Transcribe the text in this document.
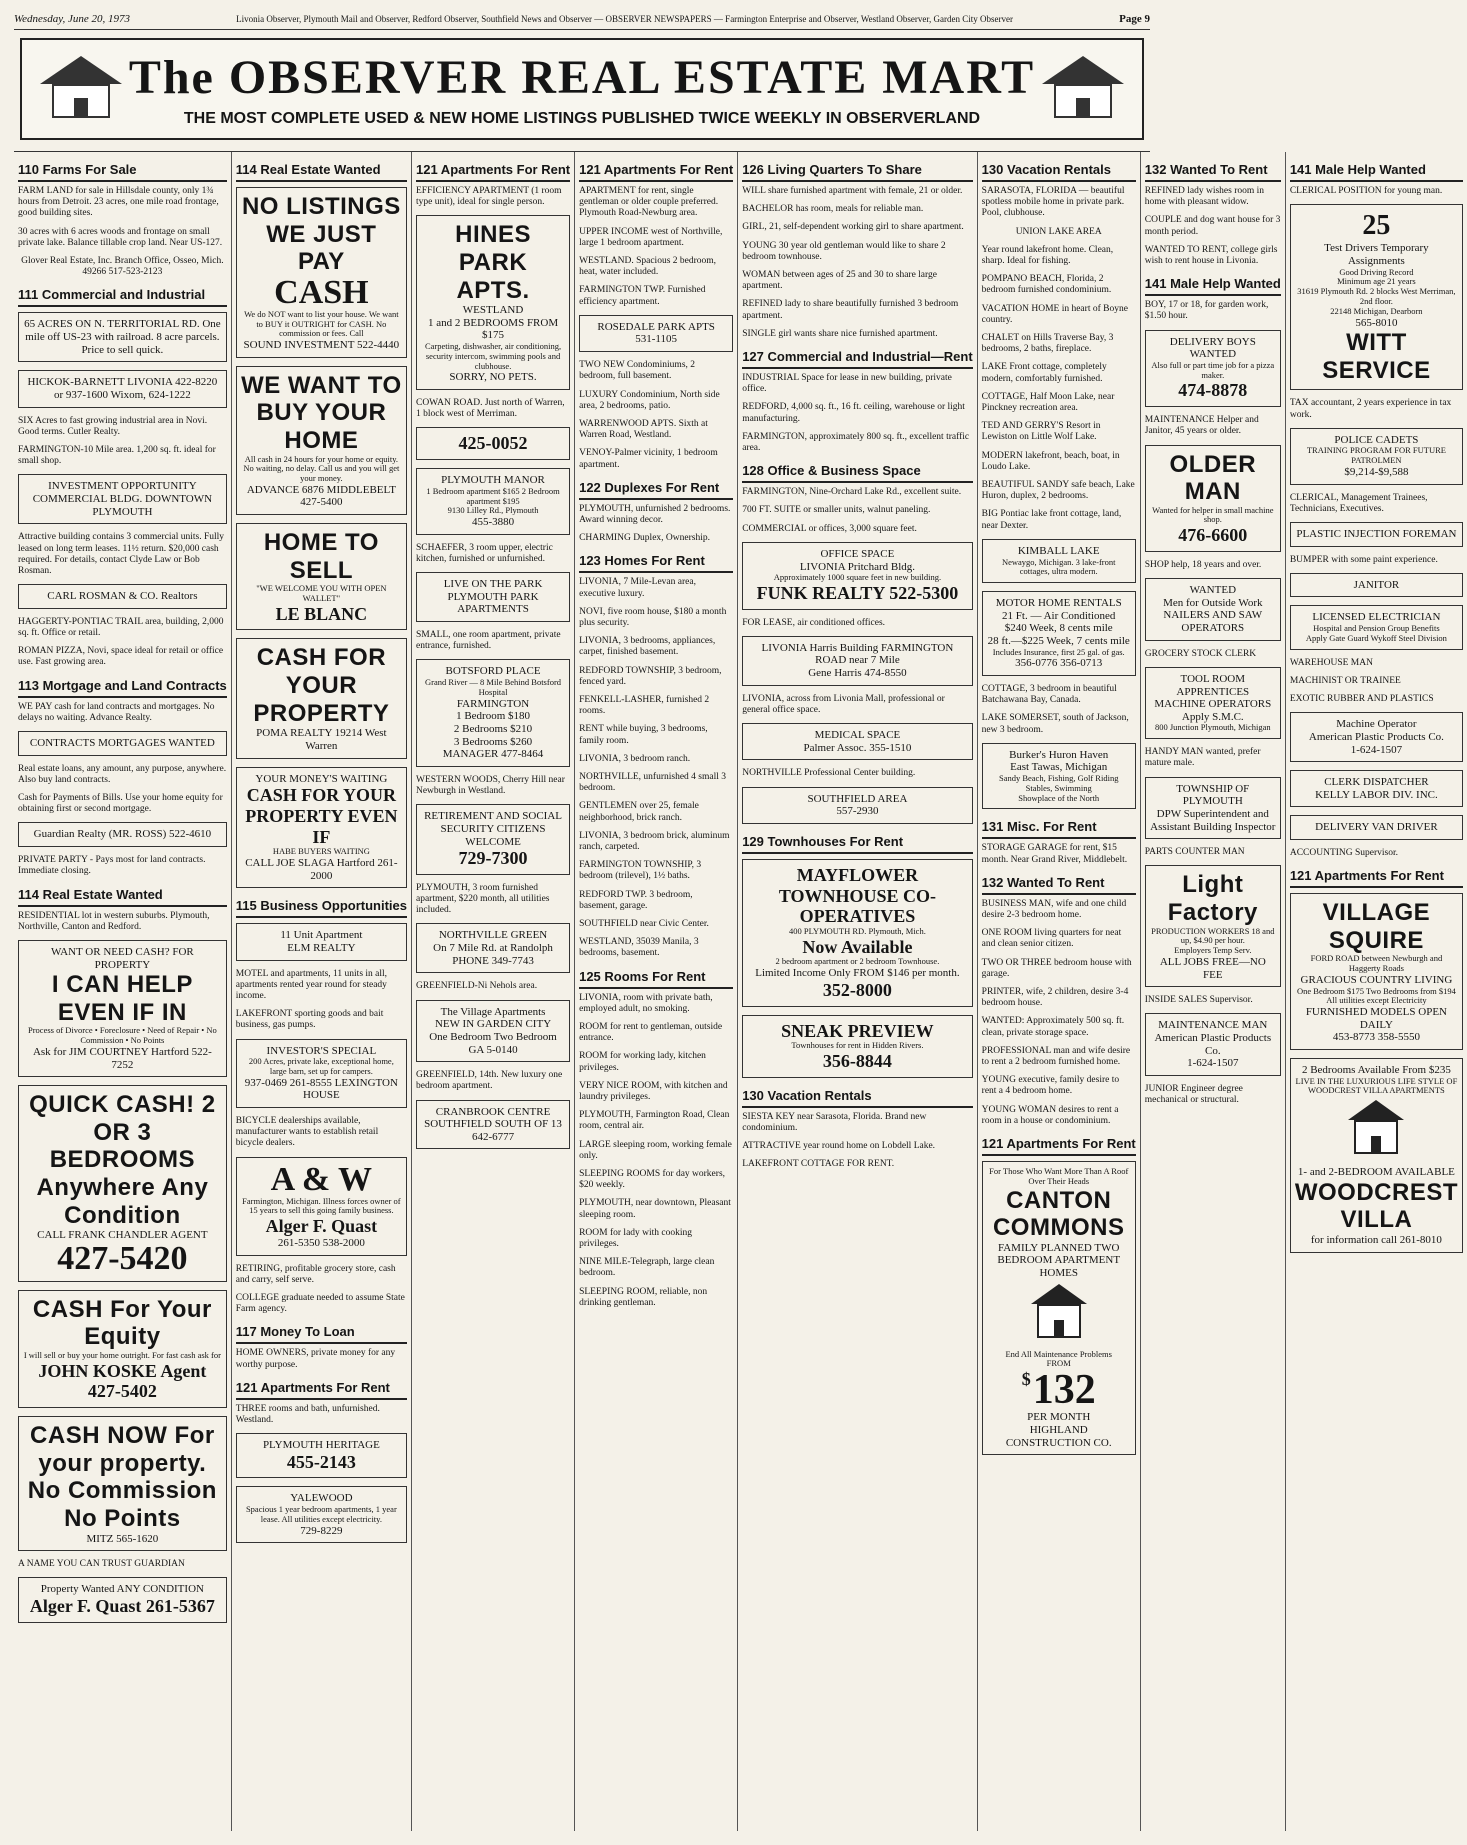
Wednesday, June 20, 1973	Livonia Observer, Plymouth Mail and Observer, Redford Observer, Southfield News and Observer — OBSERVER NEWSPAPERS — Farmington Enterprise and Observer, Westland Observer, Garden City Observer	Page 9
The OBSERVER REAL ESTATE MART
THE MOST COMPLETE USED & NEW HOME LISTINGS PUBLISHED TWICE WEEKLY IN OBSERVERLAND
110 Farms For Sale
FARM LAND for sale in Hillsdale county, only 1¾ hours from Detroit. 23 acres, one mile road frontage, good building sites.
30 acres with 6 acres woods and frontage on small private lake. Balance tillable crop land. Near US-127.
Glover Real Estate, Inc. Branch Office, Osseo, Mich. 49266 517-523-2123
111 Commercial and Industrial
65 ACRES ON N. TERRITORIAL RD. One mile off US-23 with railroad. 8 acre parcels. Price to sell quick.
HICKOK-BARNETT LIVONIA 422-8220 or 937-1600 Wixom, 624-1222
SIX Acres to fast growing industrial area in Novi. Good terms. Cutler Realty.
FARMINGTON-10 Mile area. 1,200 sq. ft. ideal for small shop.
INVESTMENT OPPORTUNITY COMMERCIAL BLDG. DOWNTOWN PLYMOUTH
Attractive building contains 3 commercial units. Fully leased on long term leases. 11½ return. $20,000 cash required. For details, contact Clyde Law or Bob Rosman.
CARL ROSMAN & CO. Realtors
HAGGERTY-PONTIAC TRAIL area, building, 2,000 sq. ft. Office or retail.
ROMAN PIZZA, Novi, space ideal for retail or office use. Fast growing area.
113 Mortgage and Land Contracts
WE PAY cash for land contracts and mortgages. No delays no waiting. Advance Realty.
CONTRACTS MORTGAGES WANTED
Real estate loans, any amount, any purpose, anywhere. Also buy land contracts.
Cash for Payments of Bills. Use your home equity for obtaining first or second mortgage.
Guardian Realty (MR. ROSS) 522-4610
PRIVATE PARTY - Pays most for land contracts. Immediate closing.
114 Real Estate Wanted
RESIDENTIAL lot in western suburbs. Plymouth, Northville, Canton and Redford.
WANT OR NEED CASH? FOR PROPERTY
I CAN HELP EVEN IF IN
Process of Divorce • Foreclosure • Need of Repair • No Commission • No Points
Ask for JIM COURTNEY Hartford 522-7252
QUICK CASH! 2 OR 3 BEDROOMS Anywhere Any Condition
CALL FRANK CHANDLER AGENT
427-5420
CASH For Your Equity
I will sell or buy your home outright. For fast cash ask for
JOHN KOSKE Agent 427-5402
CASH NOW For your property. No Commission No Points
MITZ 565-1620
A NAME YOU CAN TRUST GUARDIAN
Property Wanted ANY CONDITION
Alger F. Quast 261-5367
114 Real Estate Wanted
NO LISTINGS WE JUST PAY
CASH
We do NOT want to list your house. We want to BUY it OUTRIGHT for CASH. No commission or fees. Call
SOUND INVESTMENT 522-4440
WE WANT TO BUY YOUR HOME
All cash in 24 hours for your home or equity. No waiting, no delay. Call us and you will get your money.
ADVANCE 6876 MIDDLEBELT 427-5400
HOME TO SELL
"WE WELCOME YOU WITH OPEN WALLET"
LE BLANC
CASH FOR YOUR PROPERTY
POMA REALTY 19214 West Warren
YOUR MONEY'S WAITING
CASH FOR YOUR PROPERTY EVEN IF
HABE BUYERS WAITING
CALL JOE SLAGA Hartford 261-2000
115 Business Opportunities
11 Unit Apartment
ELM REALTY
MOTEL and apartments, 11 units in all, apartments rented year round for steady income.
LAKEFRONT sporting goods and bait business, gas pumps.
INVESTOR'S SPECIAL
200 Acres, private lake, exceptional home, large barn, set up for campers.
937-0469 261-8555 LEXINGTON HOUSE
BICYCLE dealerships available, manufacturer wants to establish retail bicycle dealers.
A & W
Farmington, Michigan. Illness forces owner of 15 years to sell this going family business.
Alger F. Quast
261-5350 538-2000
RETIRING, profitable grocery store, cash and carry, self serve.
COLLEGE graduate needed to assume State Farm agency.
117 Money To Loan
HOME OWNERS, private money for any worthy purpose.
121 Apartments For Rent
THREE rooms and bath, unfurnished. Westland.
PLYMOUTH HERITAGE
455-2143
YALEWOOD
Spacious 1 year bedroom apartments, 1 year lease. All utilities except electricity.
729-8229
121 Apartments For Rent
EFFICIENCY APARTMENT (1 room type unit), ideal for single person.
HINES PARK APTS.
WESTLAND
1 and 2 BEDROOMS FROM $175
Carpeting, dishwasher, air conditioning, security intercom, swimming pools and clubhouse.
SORRY, NO PETS.
COWAN ROAD. Just north of Warren, 1 block west of Merriman.
425-0052
PLYMOUTH MANOR
1 Bedroom apartment $165 2 Bedroom apartment $195
9130 Lilley Rd., Plymouth
455-3880
SCHAEFER, 3 room upper, electric kitchen, furnished or unfurnished.
LIVE ON THE PARK PLYMOUTH PARK APARTMENTS
SMALL, one room apartment, private entrance, furnished.
BOTSFORD PLACE
Grand River — 8 Mile Behind Botsford Hospital
FARMINGTON
1 Bedroom $180
2 Bedrooms $210
3 Bedrooms $260
MANAGER 477-8464
WESTERN WOODS, Cherry Hill near Newburgh in Westland.
RETIREMENT AND SOCIAL SECURITY CITIZENS WELCOME
729-7300
PLYMOUTH, 3 room furnished apartment, $220 month, all utilities included.
NORTHVILLE GREEN
On 7 Mile Rd. at Randolph
PHONE 349-7743
GREENFIELD-Ni Nehols area.
The Village Apartments
NEW IN GARDEN CITY
One Bedroom Two Bedroom
GA 5-0140
GREENFIELD, 14th. New luxury one bedroom apartment.
CRANBROOK CENTRE
SOUTHFIELD SOUTH OF 13 642-6777
121 Apartments For Rent
APARTMENT for rent, single gentleman or older couple preferred. Plymouth Road-Newburg area.
UPPER INCOME west of Northville, large 1 bedroom apartment.
WESTLAND. Spacious 2 bedroom, heat, water included.
FARMINGTON TWP. Furnished efficiency apartment.
ROSEDALE PARK APTS
531-1105
TWO NEW Condominiums, 2 bedroom, full basement.
LUXURY Condominium, North side area, 2 bedrooms, patio.
WARRENWOOD APTS. Sixth at Warren Road, Westland.
VENOY-Palmer vicinity, 1 bedroom apartment.
122 Duplexes For Rent
PLYMOUTH, unfurnished 2 bedrooms. Award winning decor.
CHARMING Duplex, Ownership.
123 Homes For Rent
LIVONIA, 7 Mile-Levan area, executive luxury.
NOVI, five room house, $180 a month plus security.
LIVONIA, 3 bedrooms, appliances, carpet, finished basement.
REDFORD TOWNSHIP, 3 bedroom, fenced yard.
FENKELL-LASHER, furnished 2 rooms.
RENT while buying, 3 bedrooms, family room.
LIVONIA, 3 bedroom ranch.
NORTHVILLE, unfurnished 4 small 3 bedroom.
GENTLEMEN over 25, female neighborhood, brick ranch.
LIVONIA, 3 bedroom brick, aluminum ranch, carpeted.
FARMINGTON TOWNSHIP, 3 bedroom (trilevel), 1½ baths.
REDFORD TWP. 3 bedroom, basement, garage.
SOUTHFIELD near Civic Center.
WESTLAND, 35039 Manila, 3 bedrooms, basement.
125 Rooms For Rent
LIVONIA, room with private bath, employed adult, no smoking.
ROOM for rent to gentleman, outside entrance.
ROOM for working lady, kitchen privileges.
VERY NICE ROOM, with kitchen and laundry privileges.
PLYMOUTH, Farmington Road, Clean room, central air.
LARGE sleeping room, working female only.
SLEEPING ROOMS for day workers, $20 weekly.
PLYMOUTH, near downtown, Pleasant sleeping room.
ROOM for lady with cooking privileges.
NINE MILE-Telegraph, large clean bedroom.
SLEEPING ROOM, reliable, non drinking gentleman.
126 Living Quarters To Share
WILL share furnished apartment with female, 21 or older.
BACHELOR has room, meals for reliable man.
GIRL, 21, self-dependent working girl to share apartment.
YOUNG 30 year old gentleman would like to share 2 bedroom townhouse.
WOMAN between ages of 25 and 30 to share large apartment.
REFINED lady to share beautifully furnished 3 bedroom apartment.
SINGLE girl wants share nice furnished apartment.
127 Commercial and Industrial—Rent
INDUSTRIAL Space for lease in new building, private office.
REDFORD, 4,000 sq. ft., 16 ft. ceiling, warehouse or light manufacturing.
FARMINGTON, approximately 800 sq. ft., excellent traffic area.
128 Office & Business Space
FARMINGTON, Nine-Orchard Lake Rd., excellent suite.
700 FT. SUITE or smaller units, walnut paneling.
COMMERCIAL or offices, 3,000 square feet.
OFFICE SPACE
LIVONIA Pritchard Bldg.
Approximately 1000 square feet in new building.
FUNK REALTY 522-5300
FOR LEASE, air conditioned offices.
LIVONIA Harris Building FARMINGTON ROAD near 7 Mile
Gene Harris 474-8550
LIVONIA, across from Livonia Mall, professional or general office space.
MEDICAL SPACE
Palmer Assoc. 355-1510
NORTHVILLE Professional Center building.
SOUTHFIELD AREA
557-2930
129 Townhouses For Rent
MAYFLOWER TOWNHOUSE CO-OPERATIVES
400 PLYMOUTH RD. Plymouth, Mich.
Now Available
2 bedroom apartment or 2 bedroom Townhouse.
Limited Income Only FROM $146 per month.
352-8000
SNEAK PREVIEW
Townhouses for rent in Hidden Rivers.
356-8844
130 Vacation Rentals
SIESTA KEY near Sarasota, Florida. Brand new condominium.
ATTRACTIVE year round home on Lobdell Lake.
LAKEFRONT COTTAGE FOR RENT.
130 Vacation Rentals
SARASOTA, FLORIDA — beautiful spotless mobile home in private park. Pool, clubhouse.
UNION LAKE AREA
Year round lakefront home. Clean, sharp. Ideal for fishing.
POMPANO BEACH, Florida, 2 bedroom furnished condominium.
VACATION HOME in heart of Boyne country.
CHALET on Hills Traverse Bay, 3 bedrooms, 2 baths, fireplace.
LAKE Front cottage, completely modern, comfortably furnished.
COTTAGE, Half Moon Lake, near Pinckney recreation area.
TED AND GERRY'S Resort in Lewiston on Little Wolf Lake.
MODERN lakefront, beach, boat, in Loudo Lake.
BEAUTIFUL SANDY safe beach, Lake Huron, duplex, 2 bedrooms.
BIG Pontiac lake front cottage, land, near Dexter.
KIMBALL LAKE
Newaygo, Michigan. 3 lake-front cottages, ultra modern.
MOTOR HOME RENTALS
21 Ft. — Air Conditioned
$240 Week, 8 cents mile
28 ft.—$225 Week, 7 cents mile
Includes Insurance, first 25 gal. of gas.
356-0776 356-0713
COTTAGE, 3 bedroom in beautiful Batchawana Bay, Canada.
LAKE SOMERSET, south of Jackson, new 3 bedroom.
Burker's Huron Haven
East Tawas, Michigan
Sandy Beach, Fishing, Golf Riding Stables, Swimming
Showplace of the North
131 Misc. For Rent
STORAGE GARAGE for rent, $15 month. Near Grand River, Middlebelt.
132 Wanted To Rent
BUSINESS MAN, wife and one child desire 2-3 bedroom home.
ONE ROOM living quarters for neat and clean senior citizen.
TWO OR THREE bedroom house with garage.
PRINTER, wife, 2 children, desire 3-4 bedroom house.
WANTED: Approximately 500 sq. ft. clean, private storage space.
PROFESSIONAL man and wife desire to rent a 2 bedroom furnished home.
YOUNG executive, family desire to rent a 4 bedroom home.
YOUNG WOMAN desires to rent a room in a house or condominium.
121 Apartments For Rent
For Those Who Want More Than A Roof Over Their Heads
CANTON COMMONS
FAMILY PLANNED TWO BEDROOM APARTMENT HOMES
End All Maintenance Problems
FROM
$ 132
PER MONTH
HIGHLAND CONSTRUCTION CO.
132 Wanted To Rent
REFINED lady wishes room in home with pleasant widow.
COUPLE and dog want house for 3 month period.
WANTED TO RENT, college girls wish to rent house in Livonia.
141 Male Help Wanted
BOY, 17 or 18, for garden work, $1.50 hour.
DELIVERY BOYS WANTED
Also full or part time job for a pizza maker.
474-8878
MAINTENANCE Helper and Janitor, 45 years or older.
OLDER MAN
Wanted for helper in small machine shop.
476-6600
SHOP help, 18 years and over.
WANTED
Men for Outside Work
NAILERS AND SAW OPERATORS
GROCERY STOCK CLERK
TOOL ROOM APPRENTICES MACHINE OPERATORS
Apply S.M.C.
800 Junction Plymouth, Michigan
HANDY MAN wanted, prefer mature male.
TOWNSHIP OF PLYMOUTH
DPW Superintendent and Assistant Building Inspector
PARTS COUNTER MAN
Light Factory
PRODUCTION WORKERS 18 and up, $4.90 per hour.
Employers Temp Serv.
ALL JOBS FREE—NO FEE
INSIDE SALES Supervisor.
MAINTENANCE MAN
American Plastic Products Co.
1-624-1507
JUNIOR Engineer degree mechanical or structural.
141 Male Help Wanted
CLERICAL POSITION for young man.
25
Test Drivers Temporary Assignments
Good Driving Record
Minimum age 21 years
31619 Plymouth Rd. 2 blocks West Merriman, 2nd floor.
22148 Michigan, Dearborn
565-8010
WITT SERVICE
TAX accountant, 2 years experience in tax work.
POLICE CADETS
TRAINING PROGRAM FOR FUTURE PATROLMEN
$9,214-$9,588
CLERICAL, Management Trainees, Technicians, Executives.
PLASTIC INJECTION FOREMAN
BUMPER with some paint experience.
JANITOR
LICENSED ELECTRICIAN
Hospital and Pension Group Benefits
Apply Gate Guard Wykoff Steel Division
WAREHOUSE MAN
MACHINIST OR TRAINEE
EXOTIC RUBBER AND PLASTICS
Machine Operator
American Plastic Products Co.
1-624-1507
CLERK DISPATCHER
KELLY LABOR DIV. INC.
DELIVERY VAN DRIVER
ACCOUNTING Supervisor.
121 Apartments For Rent
VILLAGE SQUIRE
FORD ROAD between Newburgh and Haggerty Roads
GRACIOUS COUNTRY LIVING
One Bedroom $175 Two Bedrooms from $194
All utilities except Electricity
FURNISHED MODELS OPEN DAILY
453-8773 358-5550
2 Bedrooms Available From $235
LIVE IN THE LUXURIOUS LIFE STYLE OF WOODCREST VILLA APARTMENTS
1- and 2-BEDROOM AVAILABLE
WOODCREST VILLA
for information call 261-8010
